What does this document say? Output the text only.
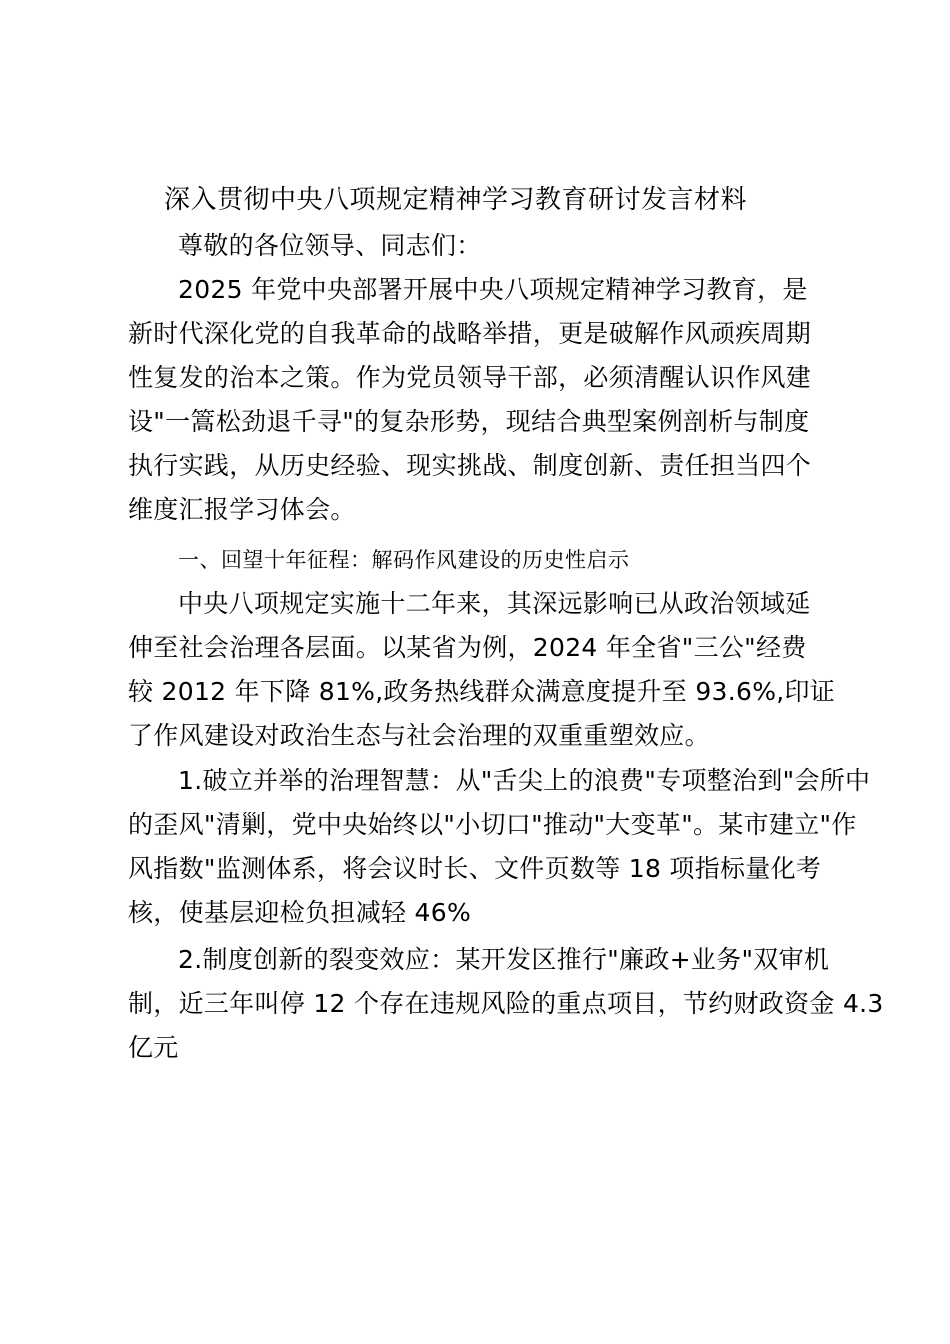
深入贯彻中央八项规定精神学习教育研讨发言材料
尊敬的各位领导、同志们：
2025 年党中央部署开展中央八项规定精神学习教育，是
新时代深化党的自我革命的战略举措，更是破解作风顽疾周期
性复发的治本之策。作为党员领导干部，必须清醒认识作风建
设"一篙松劲退千寻"的复杂形势，现结合典型案例剖析与制度
执行实践，从历史经验、现实挑战、制度创新、责任担当四个
维度汇报学习体会。
一、回望十年征程：解码作风建设的历史性启示
中央八项规定实施十二年来，其深远影响已从政治领域延
伸至社会治理各层面。以某省为例，2024 年全省"三公"经费
较 2012 年下降 81%,政务热线群众满意度提升至 93.6%,印证
了作风建设对政治生态与社会治理的双重重塑效应。
1.破立并举的治理智慧：从"舌尖上的浪费"专项整治到"会所中
的歪风"清剿，党中央始终以"小切口"推动"大变革"。某市建立"作
风指数"监测体系，将会议时长、文件页数等 18 项指标量化考
核，使基层迎检负担减轻 46%
2.制度创新的裂变效应：某开发区推行"廉政+业务"双审机
制，近三年叫停 12 个存在违规风险的重点项目，节约财政资金 4.3
亿元
